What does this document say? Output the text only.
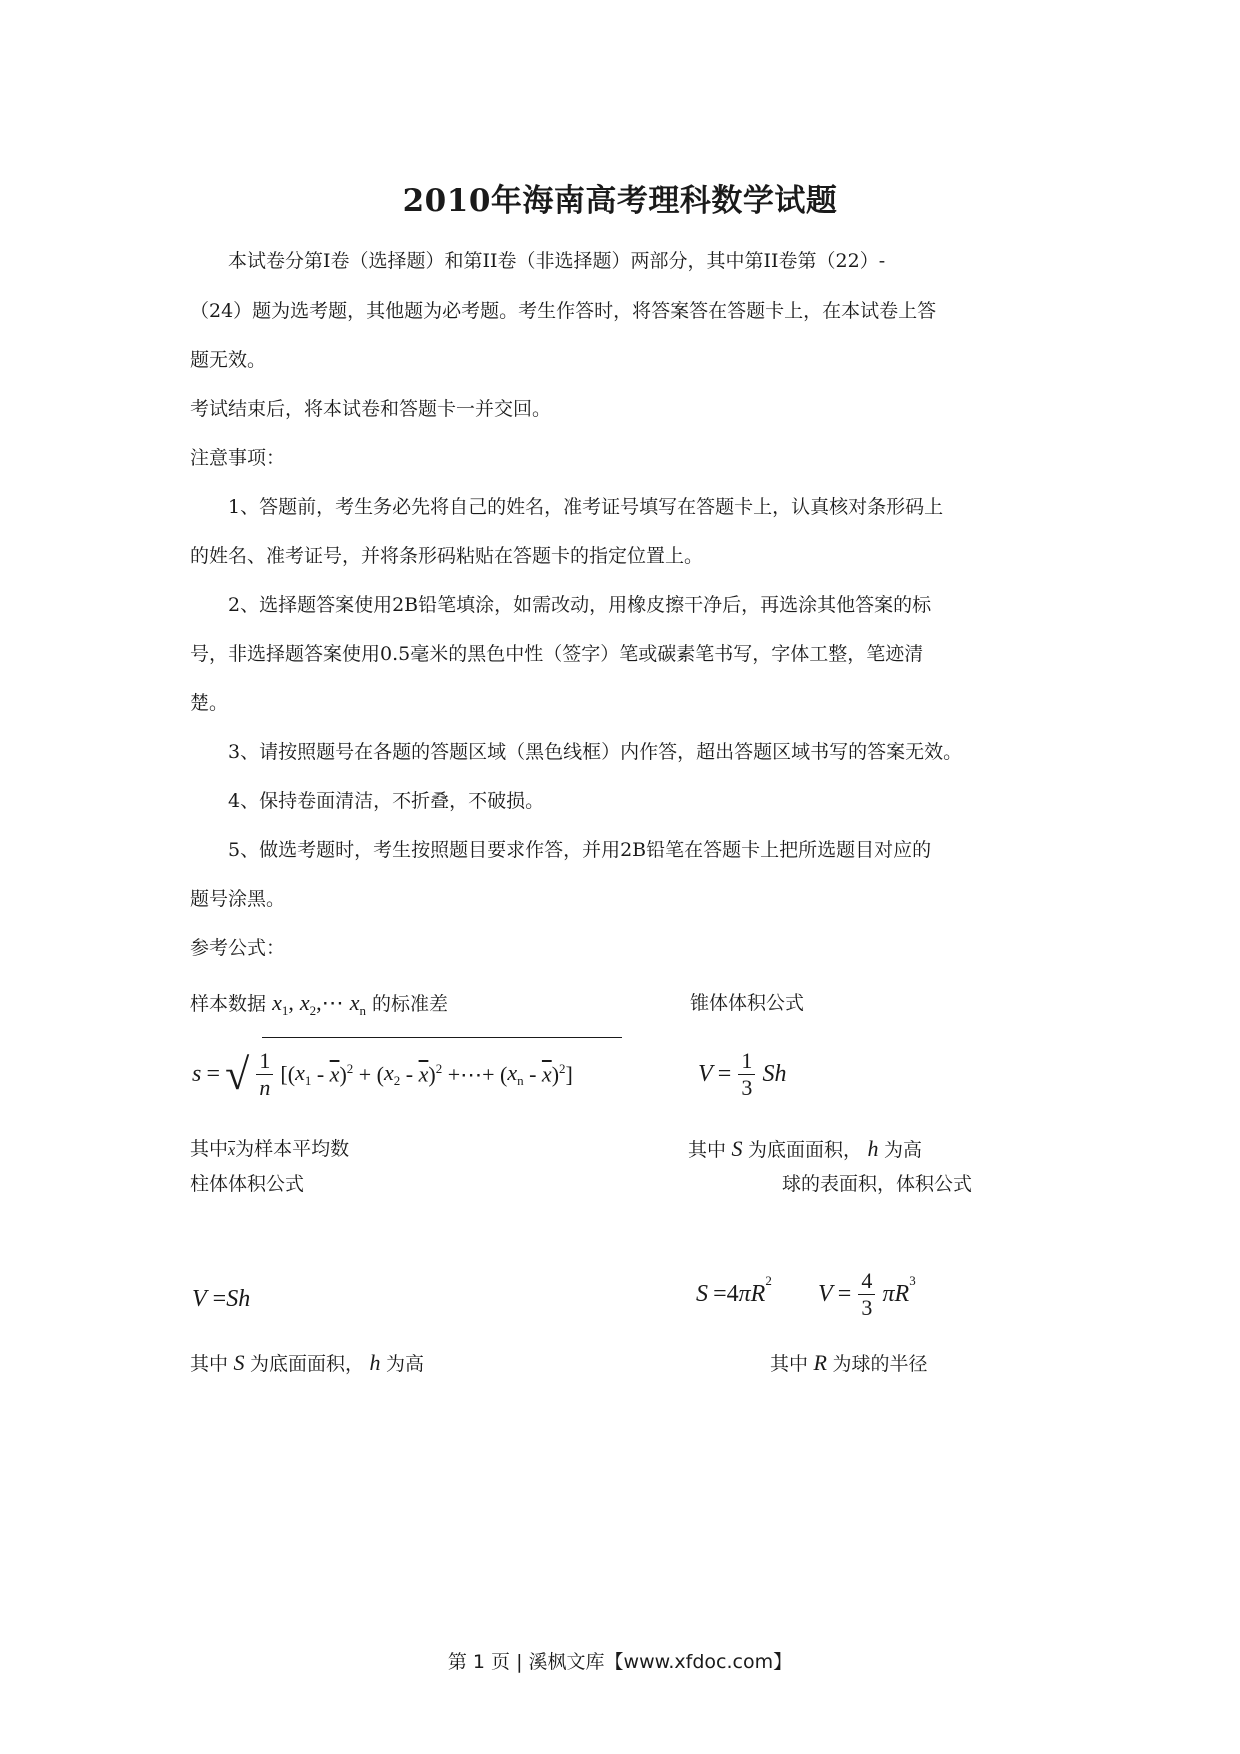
2010年海南高考理科数学试题
本试卷分第I卷（选择题）和第II卷（非选择题）两部分，其中第II卷第（22）-
（24）题为选考题，其他题为必考题。考生作答时，将答案答在答题卡上，在本试卷上答
题无效。
考试结束后，将本试卷和答题卡一并交回。
注意事项：
1、答题前，考生务必先将自己的姓名，准考证号填写在答题卡上，认真核对条形码上
的姓名、准考证号，并将条形码粘贴在答题卡的指定位置上。
2、选择题答案使用2B铅笔填涂，如需改动，用橡皮擦干净后，再选涂其他答案的标
号，非选择题答案使用0.5毫米的黑色中性（签字）笔或碳素笔书写，字体工整，笔迹清
楚。
3、请按照题号在各题的答题区域（黑色线框）内作答，超出答题区域书写的答案无效。
4、保持卷面清洁，不折叠，不破损。
5、做选考题时，考生按照题目要求作答，并用2B铅笔在答题卡上把所选题目对应的
题号涂黑。
参考公式：
样本数据 $x_1$, $x_2,\cdots$ $x_n$ 的标准差	锥体体积公式
s = √ $\frac{1}{n} [(x_1 - \overline{x})^2 + (x_2 - \overline{x})^2$ +⋯+ $(x_n - \overline{x})^2$]	$V = \frac{1}{3}$ Sh
其中$\overline{x}$为样本平均数	其中 S 为底面面积， h 为高
柱体体积公式	球的表面积，体积公式
V =Sh	$S =4\pi R^2$  $V = \frac{4}{3} \pi R^3$
其中 S 为底面面积， h 为高	其中 R 为球的半径
第 1 页 | 溪枫文库【www.xfdoc.com】
